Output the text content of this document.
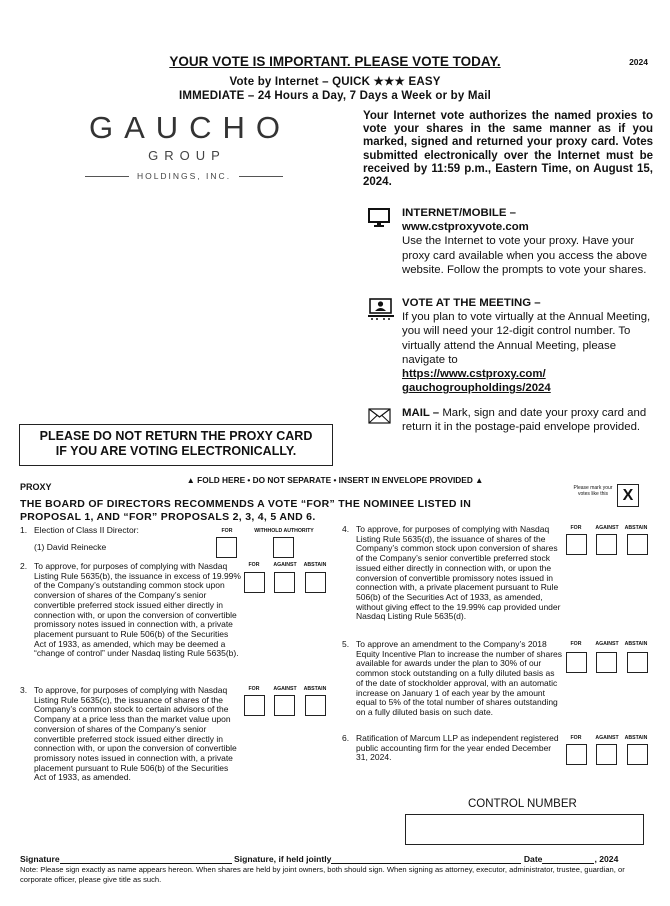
YOUR VOTE IS IMPORTANT. PLEASE VOTE TODAY.	2024
Vote by Internet – QUICK ★★★ EASY
IMMEDIATE – 24 Hours a Day, 7 Days a Week or by Mail
GAUCHO
GROUP
HOLDINGS, INC.
Your Internet vote authorizes the named proxies to vote your shares in the same manner as if you marked, signed and returned your proxy card. Votes submitted electronically over the Internet must be received by 11:59 p.m., Eastern Time, on August 15, 2024.
INTERNET/MOBILE –
www.cstproxyvote.com
Use the Internet to vote your proxy. Have your proxy card available when you access the above website. Follow the prompts to vote your shares.
VOTE AT THE MEETING –
If you plan to vote virtually at the Annual Meeting, you will need your 12-digit control number. To virtually attend the Annual Meeting, please navigate to
https://www.cstproxy.com/
gauchogroupholdings/2024
MAIL – Mark, sign and date your proxy card and return it in the postage-paid envelope provided.
PLEASE DO NOT RETURN THE PROXY CARD
IF YOU ARE VOTING ELECTRONICALLY.
▲ FOLD HERE • DO NOT SEPARATE • INSERT IN ENVELOPE PROVIDED ▲
PROXY	Please mark your votes like this X
THE BOARD OF DIRECTORS RECOMMENDS A VOTE “FOR” THE NOMINEE LISTED IN
PROPOSAL 1, AND “FOR” PROPOSALS 2, 3, 4, 5 AND 6.
1. Election of Class II Director:
(1) David Reinecke
FOR	WITHHOLD AUTHORITY
2. To approve, for purposes of complying with Nasdaq Listing Rule 5635(b), the issuance in excess of 19.99% of the Company’s outstanding common stock upon conversion of shares of the Company’s senior convertible preferred stock issued either directly in connection with, or upon the conversion of convertible promissory notes issued in connection with, a private placement pursuant to Rule 506(b) of the Securities Act of 1933, as amended, which may be deemed a “change of control” under Nasdaq listing Rule 5635(b).
FOR	AGAINST	ABSTAIN
3. To approve, for purposes of complying with Nasdaq Listing Rule 5635(c), the issuance of shares of the Company’s common stock to certain advisors of the Company at a price less than the market value upon conversion of shares of the Company’s senior convertible preferred stock issued either directly in connection with, or upon the conversion of convertible promissory notes issued in connection with, a private placement pursuant to Rule 506(b) of the Securities Act of 1933, as amended.
FOR	AGAINST	ABSTAIN
4. To approve, for purposes of complying with Nasdaq Listing Rule 5635(d), the issuance of shares of the Company’s common stock upon conversion of shares of the Company’s senior convertible preferred stock issued either directly in connection with, or upon the conversion of convertible promissory notes issued in connection with, a private placement pursuant to Rule 506(b) of the Securities Act of 1933, as amended, without giving effect to the 19.99% cap provided under Nasdaq Listing Rule 5635(d).
FOR	AGAINST	ABSTAIN
5. To approve an amendment to the Company’s 2018 Equity Incentive Plan to increase the number of shares available for awards under the plan to 30% of our common stock outstanding on a fully diluted basis as of the date of stockholder approval, with an automatic increase on January 1 of each year by the amount equal to 5% of the total number of shares outstanding on a fully diluted basis on such date.
FOR	AGAINST	ABSTAIN
6. Ratification of Marcum LLP as independent registered public accounting firm for the year ended December 31, 2024.
FOR	AGAINST	ABSTAIN
CONTROL NUMBER
Signature	Signature, if held jointly	Date	, 2024
Note: Please sign exactly as name appears hereon. When shares are held by joint owners, both should sign. When signing as attorney, executor, administrator, trustee, guardian, or corporate officer, please give title as such.
